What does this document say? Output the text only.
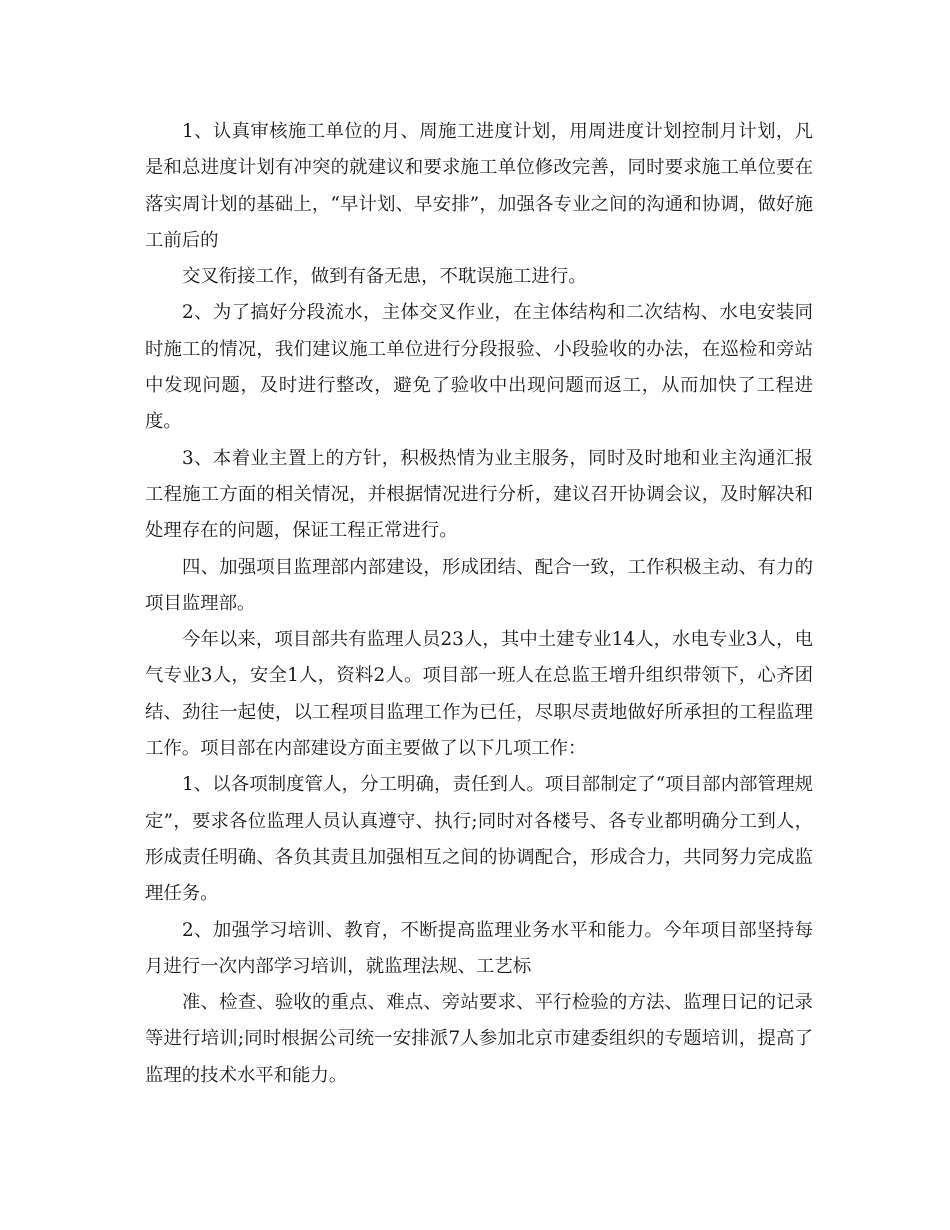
1、认真审核施工单位的月、周施工进度计划，用周进度计划控制月计划，凡是和总进度计划有冲突的就建议和要求施工单位修改完善，同时要求施工单位要在落实周计划的基础上，“早计划、早安排”，加强各专业之间的沟通和协调，做好施工前后的

交叉衔接工作，做到有备无患，不耽误施工进行。

2、为了搞好分段流水，主体交叉作业，在主体结构和二次结构、水电安装同时施工的情况，我们建议施工单位进行分段报验、小段验收的办法，在巡检和旁站中发现问题，及时进行整改，避免了验收中出现问题而返工，从而加快了工程进度。

3、本着业主置上的方针，积极热情为业主服务，同时及时地和业主沟通汇报工程施工方面的相关情况，并根据情况进行分析，建议召开协调会议，及时解决和处理存在的问题，保证工程正常进行。

四、加强项目监理部内部建设，形成团结、配合一致，工作积极主动、有力的项目监理部。

今年以来，项目部共有监理人员23人，其中土建专业14人，水电专业3人，电气专业3人，安全1人，资料2人。项目部一班人在总监王增升组织带领下，心齐团结、劲往一起使，以工程项目监理工作为已任，尽职尽责地做好所承担的工程监理工作。项目部在内部建设方面主要做了以下几项工作：

1、以各项制度管人，分工明确，责任到人。项目部制定了“项目部内部管理规定”，要求各位监理人员认真遵守、执行;同时对各楼号、各专业都明确分工到人，形成责任明确、各负其责且加强相互之间的协调配合，形成合力，共同努力完成监理任务。

2、加强学习培训、教育，不断提高监理业务水平和能力。今年项目部坚持每月进行一次内部学习培训，就监理法规、工艺标

准、检查、验收的重点、难点、旁站要求、平行检验的方法、监理日记的记录等进行培训;同时根据公司统一安排派7人参加北京市建委组织的专题培训，提高了监理的技术水平和能力。
